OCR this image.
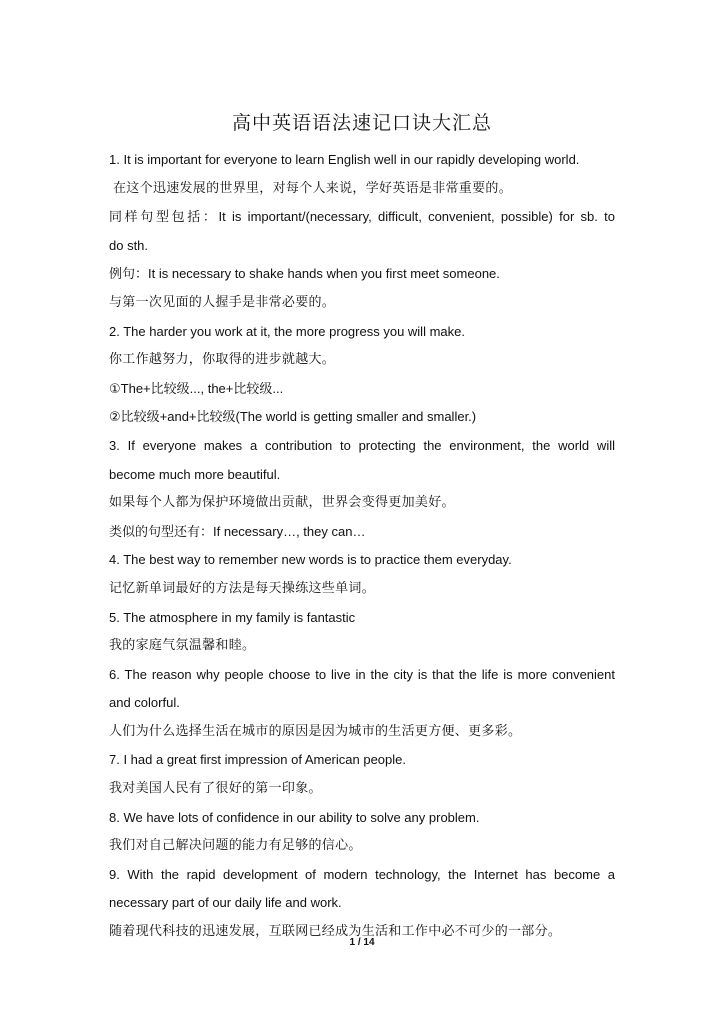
高中英语语法速记口诀大汇总
1. It is important for everyone to learn English well in our rapidly developing world.
在这个迅速发展的世界里，对每个人来说，学好英语是非常重要的。
同样句型包括：It is important/(necessary, difficult, convenient, possible) for sb. to
do sth.
例句：It is necessary to shake hands when you first meet someone.
与第一次见面的人握手是非常必要的。
2. The harder you work at it, the more progress you will make.
你工作越努力，你取得的进步就越大。
①The+比较级..., the+比较级...
②比较级+and+比较级(The world is getting smaller and smaller.)
3. If everyone makes a contribution to protecting the environment, the world will
become much more beautiful.
如果每个人都为保护环境做出贡献，世界会变得更加美好。
类似的句型还有：If necessary…, they can…
4. The best way to remember new words is to practice them everyday.
记忆新单词最好的方法是每天操练这些单词。
5. The atmosphere in my family is fantastic
我的家庭气氛温馨和睦。
6. The reason why people choose to live in the city is that the life is more convenient
and colorful.
人们为什么选择生活在城市的原因是因为城市的生活更方便、更多彩。
7. I had a great first impression of American people.
我对美国人民有了很好的第一印象。
8. We have lots of confidence in our ability to solve any problem.
我们对自己解决问题的能力有足够的信心。
9. With the rapid development of modern technology, the Internet has become a
necessary part of our daily life and work.
随着现代科技的迅速发展，互联网已经成为生活和工作中必不可少的一部分。
1 / 14
